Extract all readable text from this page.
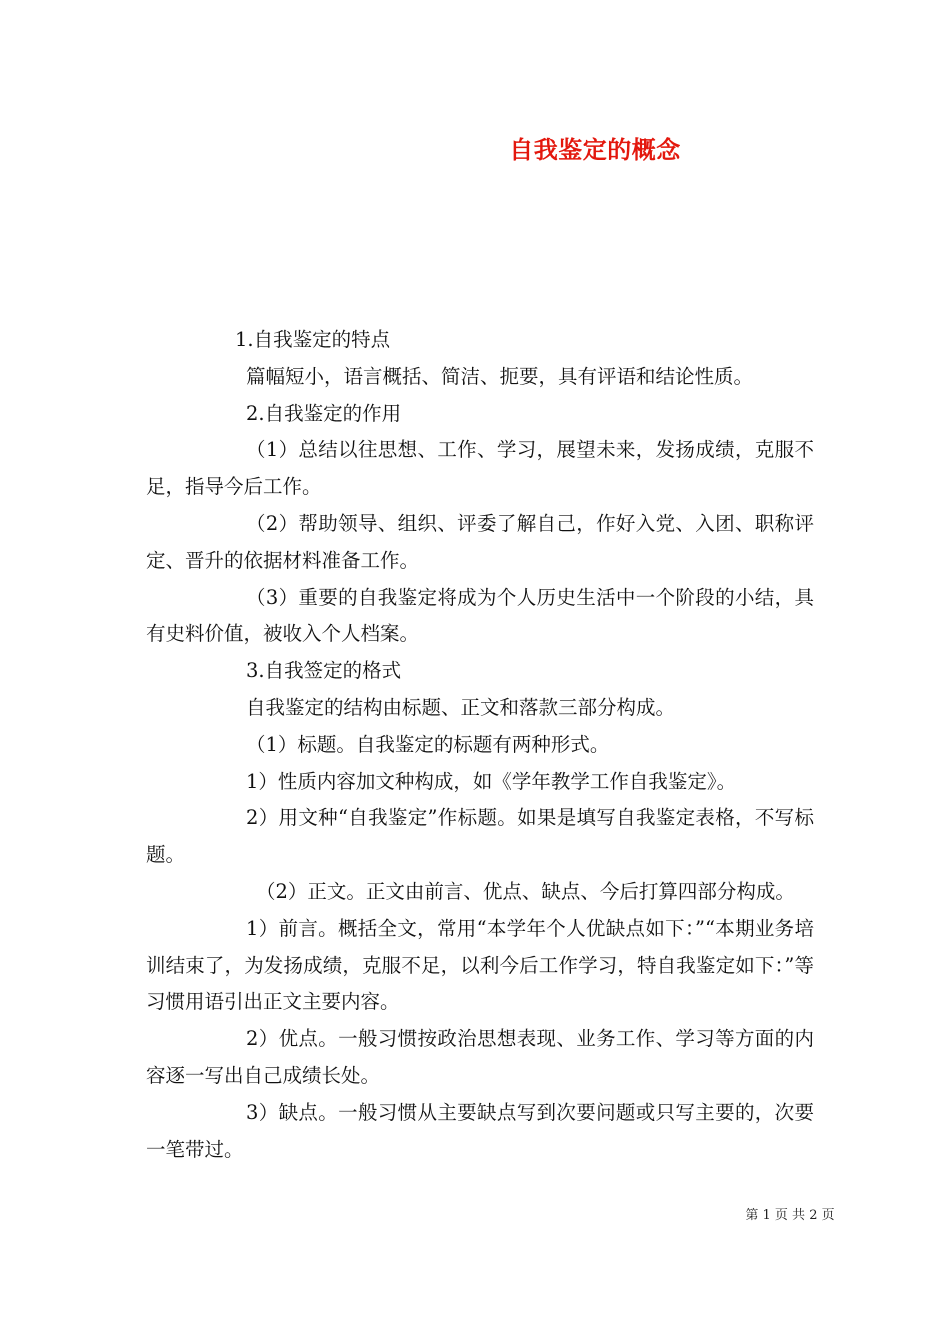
自我鉴定的概念

1.自我鉴定的特点

篇幅短小，语言概括、简洁、扼要，具有评语和结论性质。

2.自我鉴定的作用

（1）总结以往思想、工作、学习，展望未来，发扬成绩，克服不足，指导今后工作。

（2）帮助领导、组织、评委了解自己，作好入党、入团、职称评定、晋升的依据材料准备工作。

（3）重要的自我鉴定将成为个人历史生活中一个阶段的小结，具有史料价值，被收入个人档案。

3.自我签定的格式

自我鉴定的结构由标题、正文和落款三部分构成。

（1）标题。自我鉴定的标题有两种形式。

1）性质内容加文种构成，如《学年教学工作自我鉴定》。

2）用文种“自我鉴定”作标题。如果是填写自我鉴定表格，不写标题。

（2）正文。正文由前言、优点、缺点、今后打算四部分构成。

1）前言。概括全文，常用“本学年个人优缺点如下：”“本期业务培训结束了，为发扬成绩，克服不足，以利今后工作学习，特自我鉴定如下：”等习惯用语引出正文主要内容。

2）优点。一般习惯按政治思想表现、业务工作、学习等方面的内容逐一写出自己成绩长处。

3）缺点。一般习惯从主要缺点写到次要问题或只写主要的，次要一笔带过。

第 1 页 共 2 页
